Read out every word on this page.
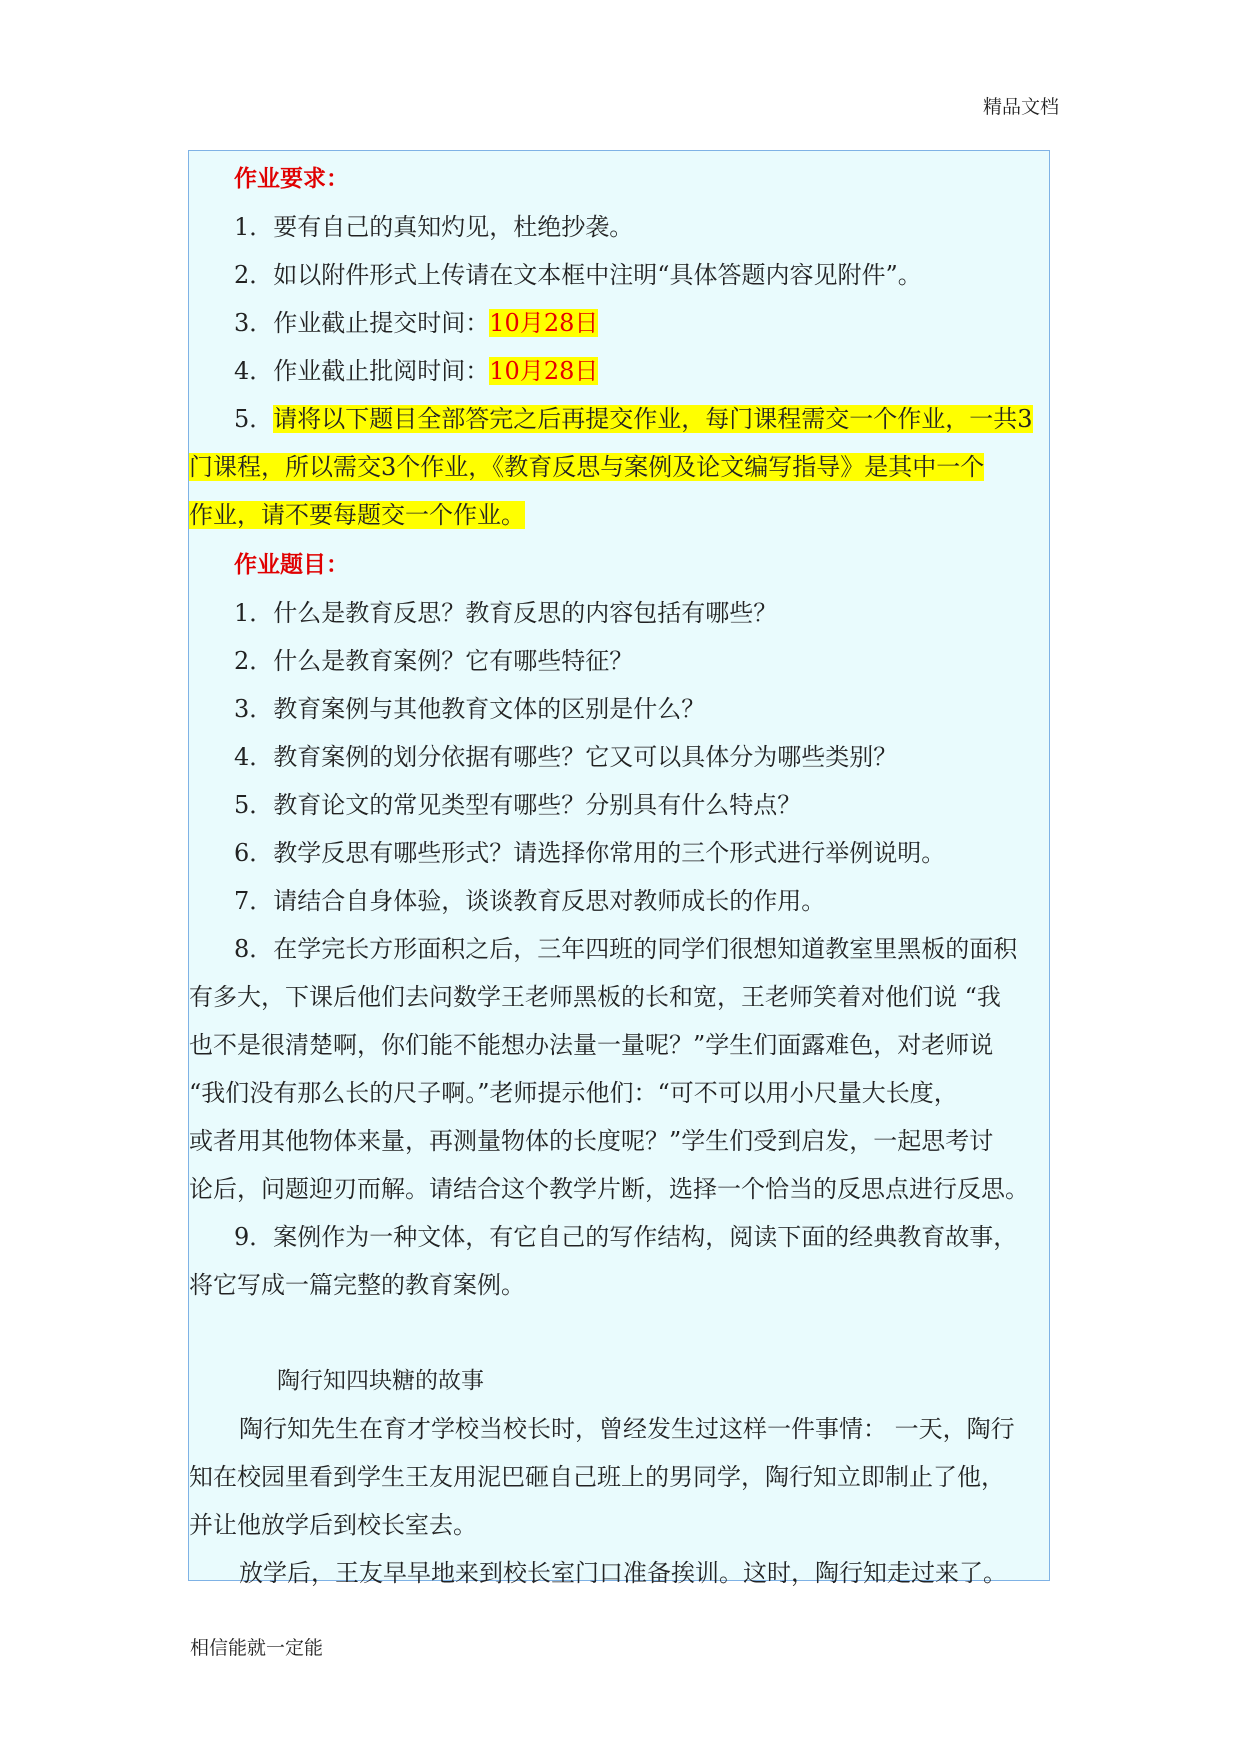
精品文档
作业要求：
1．要有自己的真知灼见，杜绝抄袭。
2．如以附件形式上传请在文本框中注明“具体答题内容见附件”。
3．作业截止提交时间：10月28日
4．作业截止批阅时间：10月28日
5．请将以下题目全部答完之后再提交作业，每门课程需交一个作业，一共3
门课程，所以需交3个作业，《教育反思与案例及论文编写指导》是其中一个
作业，请不要每题交一个作业。
作业题目：
1．什么是教育反思？教育反思的内容包括有哪些？
2．什么是教育案例？它有哪些特征？
3．教育案例与其他教育文体的区别是什么？
4．教育案例的划分依据有哪些？它又可以具体分为哪些类别？
5．教育论文的常见类型有哪些？分别具有什么特点？
6．教学反思有哪些形式？请选择你常用的三个形式进行举例说明。
7．请结合自身体验，谈谈教育反思对教师成长的作用。
8．在学完长方形面积之后，三年四班的同学们很想知道教室里黑板的面积
有多大，下课后他们去问数学王老师黑板的长和宽，王老师笑着对他们说 “我
也不是很清楚啊，你们能不能想办法量一量呢？”学生们面露难色，对老师说
“我们没有那么长的尺子啊。”老师提示他们：“可不可以用小尺量大长度，
或者用其他物体来量，再测量物体的长度呢？”学生们受到启发，一起思考讨
论后，问题迎刃而解。请结合这个教学片断，选择一个恰当的反思点进行反思。
9．案例作为一种文体，有它自己的写作结构，阅读下面的经典教育故事，
将它写成一篇完整的教育案例。
陶行知四块糖的故事
陶行知先生在育才学校当校长时，曾经发生过这样一件事情： 一天，陶行
知在校园里看到学生王友用泥巴砸自己班上的男同学，陶行知立即制止了他，
并让他放学后到校长室去。
放学后，王友早早地来到校长室门口准备挨训。这时，陶行知走过来了。
相信能就一定能
